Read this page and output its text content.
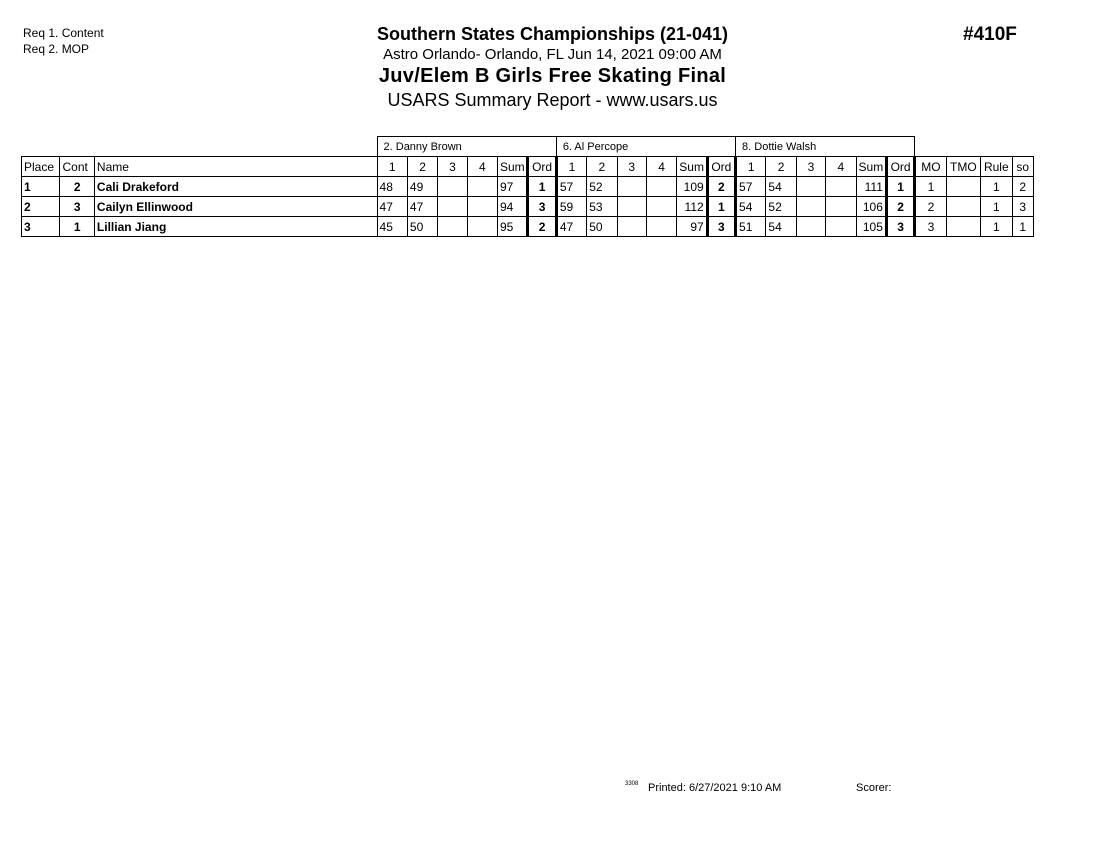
Req 1. Content
Req 2. MOP
Southern States Championships (21-041)
Astro Orlando- Orlando, FL Jun 14, 2021 09:00 AM
Juv/Elem B Girls Free Skating Final
USARS Summary Report - www.usars.us
#410F
			2. Danny Brown						6. Al Percope						8. Dottie Walsh									
Place	Cont	Name	1	2	3	4	Sum	Ord	1	2	3	4	Sum	Ord	1	2	3	4	Sum	Ord	MO	TMO	Rule	so
1	2	Cali Drakeford	48	49			97	1	57	52			109	2	57	54			111	1	1		1	2
2	3	Cailyn Ellinwood	47	47			94	3	59	53			112	1	54	52			106	2	2		1	3
3	1	Lillian Jiang	45	50			95	2	47	50			97	3	51	54			105	3	3		1	1
3308 Printed: 6/27/2021 9:10 AM	Scorer:
